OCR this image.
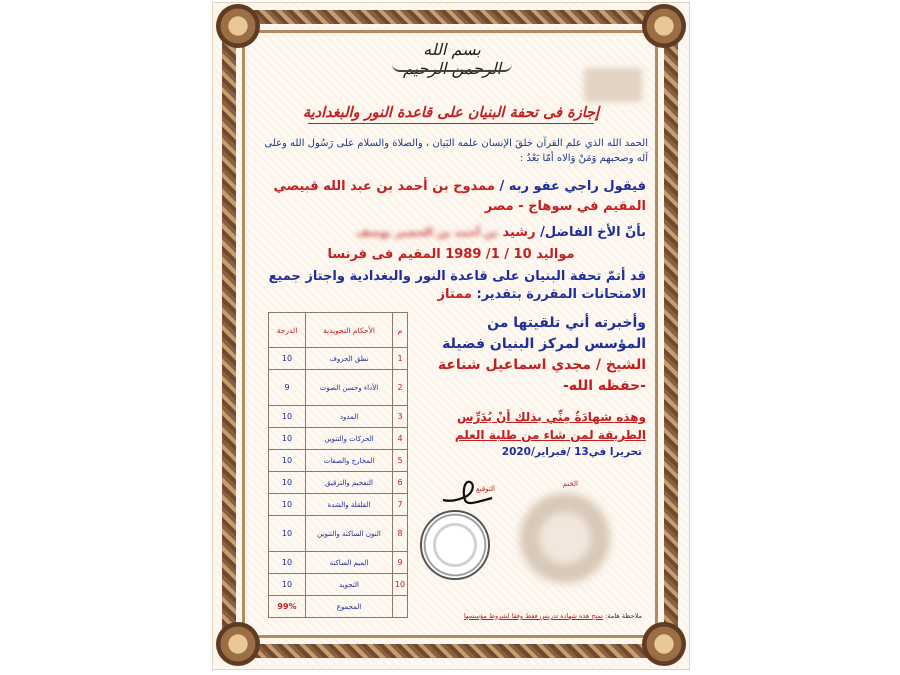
بسم الله الرحمن الرحيم
إجازة فى تحفة البنيان على قاعدة النور والبغدادية
الحمد الله الذي علم القرآن خلقَ الإنسان علمه البَيان ، والصلاة والسلام على رَسُول الله وعلى آله وصحبهم وَمَنْ وَالاه أمّا بَعْدُ :
فيقول راجي عفو ربه / ممدوح بن أحمد بن عبد الله قبيصي
المقيم في سوهاج - مصر
بأنّ الأخ الفاضل/ رشيد بن أحمد بن الحضير يوسف
مواليد 10 / 1/ 1989 المقيم فى فرنسا
قد أتمّ تحفة البنيان على قاعدة النور والبغدادية واجتاز جميع الامتحانات المقررة بتقدير: ممتاز
وأخبرته أني تلقيتها من
المؤسس لمركز البنيان فضيلة
الشيخ / مجدي اسماعيل شناعة
-حفظه الله-
وهذه شهادَةٌ مِنِّي بذلك أنْ يُدَرِّس الطريقة لمن شاء من طلبة العلم
تحريرا في13 /فبراير/2020
الختم
التوقيع
م	الأحكام التجويدية	الدرجة
1	نطق الحروف	10
2	الأداء وحسن الصوت	9
3	المدود	10
4	الحركات والتنوين	10
5	المخارج والصفات	10
6	التفخيم والترقيق	10
7	القلقلة والشدة	10
8	النون الساكنة والتنوين	10
9	الميم الساكنة	10
10	التجويد	10
	المجموع	99%
ملاحظة هامة: تمنح هذه شهادة تدريس فقط وفقا لشروط مؤسسها
